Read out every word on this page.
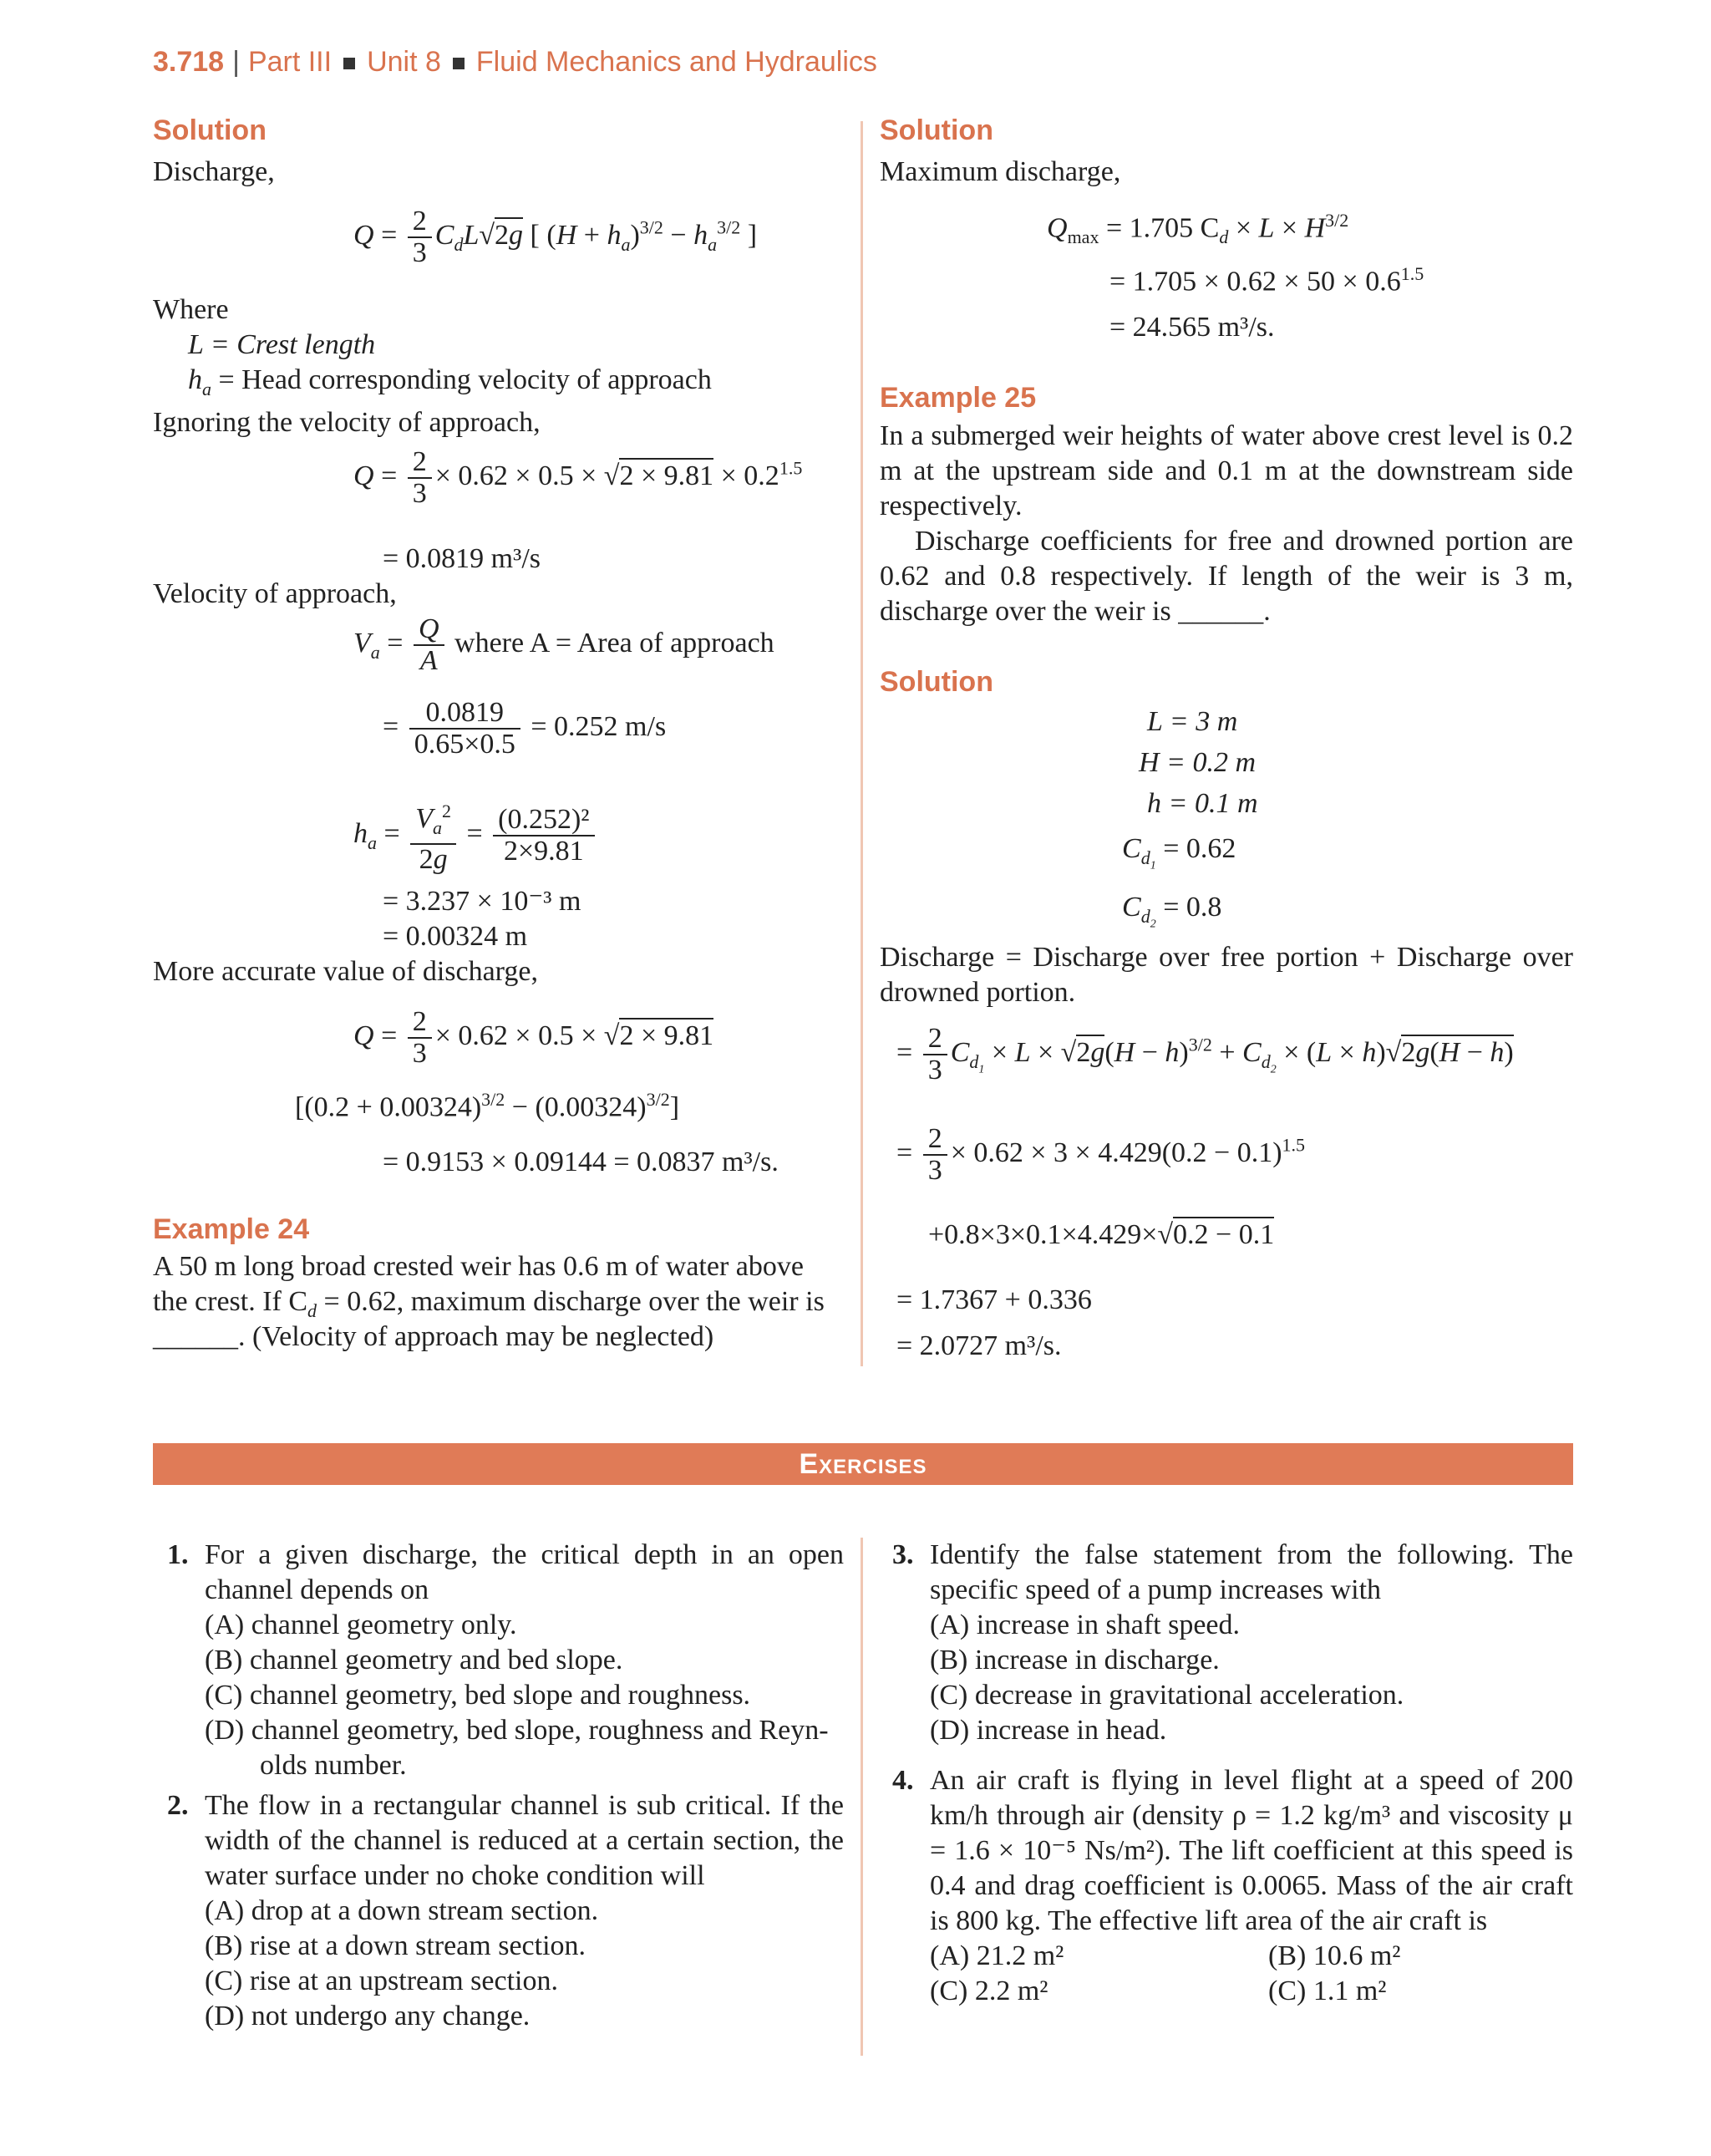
3.718 | Part III Unit 8 Fluid Mechanics and Hydraulics
Solution
Discharge,
$Q = \frac{2}{3} C_dL√2g$ [ $(H + h_a)^{3/2} - h_a^{3/2}$ ]
Where
L = Crest length
$h_a$ = Head corresponding velocity of approach
Ignoring the velocity of approach,
$Q = \frac{2}{3} \times 0.62 \times 0.5 \times √2 \times 9.81 \times 0.2^{1.5}$
= 0.0819 m³/s
Velocity of approach,
$V_a = \frac{Q}{A}$ where A = Area of approach
= $\frac{0.0819}{0.65\times 0.5} = 0.252$ m/s
$h_a = \frac{V_a^2}{2g} = \frac{\text{(0.252)²}}{2\times 9.81}$
= 3.237 × 10⁻³ m
= 0.00324 m
More accurate value of discharge,
$Q = \frac{2}{3} \times 0.62 \times 0.5 \times √2 \times 9.81$
$[(0.2 + 0.00324)^{3/2} - (0.00324)^{3/2}]$
= 0.9153 × 0.09144 = 0.0837 m³/s.
Example 24
A 50 m long broad crested weir has 0.6 m of water above
the crest. If $C_d = 0.62$, maximum discharge over the weir is
______. (Velocity of approach may be neglected)
Solution
Maximum discharge,
$Q_{max} = 1.705$ $C_d \times L \times H^{3/2}$
= $1.705 \times 0.62 \times 50 \times 0.6^{1.5}$
= 24.565 m³/s.
Example 25
In a submerged weir heights of water above crest level is 0.2 m at the upstream side and 0.1 m at the downstream side respectively.
Discharge coefficients for free and drowned portion are 0.62 and 0.8 respectively. If length of the weir is 3 m, discharge over the weir is ______.
Solution
L = 3 m
H = 0.2 m
h = 0.1 m
$C_{d_1} = 0.62$
$C_{d_2} = 0.8$
Discharge = Discharge over free portion + Discharge over drowned portion.
= $\frac{2}{3} C_{d_1} \times L \times √2g(H - h)^{3/2} + C_{d_2} \times (L \times h)√2g(H - h)$
= $\frac{2}{3} \times 0.62 \times 3 \times 4.429(0.2 - 0.1)^{1.5}$
+0.8×3×0.1×4.429×√0.2 − 0.1
= 1.7367 + 0.336
= 2.0727 m³/s.
Exercises
1. For a given discharge, the critical depth in an open channel depends on
(A) channel geometry only.
(B) channel geometry and bed slope.
(C) channel geometry, bed slope and roughness.
(D) channel geometry, bed slope, roughness and Reyn-
olds number.
2. The flow in a rectangular channel is sub critical. If the width of the channel is reduced at a certain section, the water surface under no choke condition will
(A) drop at a down stream section.
(B) rise at a down stream section.
(C) rise at an upstream section.
(D) not undergo any change.
3. Identify the false statement from the following. The specific speed of a pump increases with
(A) increase in shaft speed.
(B) increase in discharge.
(C) decrease in gravitational acceleration.
(D) increase in head.
4. An air craft is flying in level flight at a speed of 200 km/h through air (density ρ = 1.2 kg/m³ and viscosity μ = 1.6 × 10⁻⁵ Ns/m²). The lift coefficient at this speed is 0.4 and drag coefficient is 0.0065. Mass of the air craft is 800 kg. The effective lift area of the air craft is
(A) 21.2 m²	(B) 10.6 m²
(C) 2.2 m²	(C) 1.1 m²
